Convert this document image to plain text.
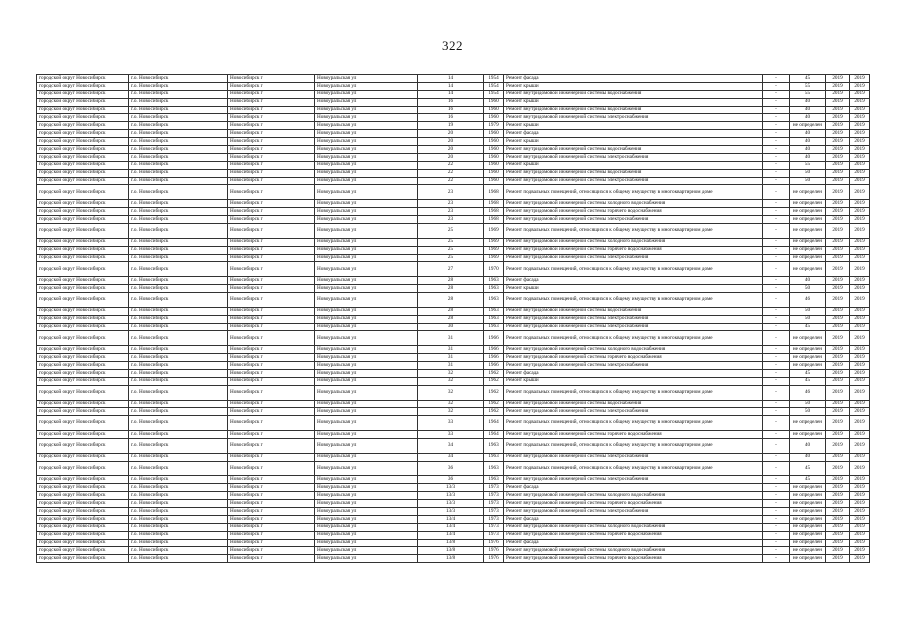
322
городской округ Новосибирск	г.о. Новосибирск	Новосибирск г	Новоуральская ул	14	1954	Ремонт фасада	-	45	2019	2019
городской округ Новосибирск	г.о. Новосибирск	Новосибирск г	Новоуральская ул	14	1954	Ремонт крыши	-	55	2019	2019
городской округ Новосибирск	г.о. Новосибирск	Новосибирск г	Новоуральская ул	14	1954	Ремонт внутридомовой инженерной системы водоснабжения	-	55	2019	2019
городской округ Новосибирск	г.о. Новосибирск	Новосибирск г	Новоуральская ул	16	1960	Ремонт крыши	-	40	2019	2019
городской округ Новосибирск	г.о. Новосибирск	Новосибирск г	Новоуральская ул	16	1960	Ремонт внутридомовой инженерной системы водоснабжения	-	40	2019	2019
городской округ Новосибирск	г.о. Новосибирск	Новосибирск г	Новоуральская ул	16	1960	Ремонт внутридомовой инженерной системы электроснабжения	-	40	2019	2019
городской округ Новосибирск	г.о. Новосибирск	Новосибирск г	Новоуральская ул	19	1979	Ремонт крыши	-	не определен	2019	2019
городской округ Новосибирск	г.о. Новосибирск	Новосибирск г	Новоуральская ул	20	1960	Ремонт фасада	-	40	2019	2019
городской округ Новосибирск	г.о. Новосибирск	Новосибирск г	Новоуральская ул	20	1960	Ремонт крыши	-	40	2019	2019
городской округ Новосибирск	г.о. Новосибирск	Новосибирск г	Новоуральская ул	20	1960	Ремонт внутридомовой инженерной системы водоснабжения	-	40	2019	2019
городской округ Новосибирск	г.о. Новосибирск	Новосибирск г	Новоуральская ул	20	1960	Ремонт внутридомовой инженерной системы электроснабжения	-	40	2019	2019
городской округ Новосибирск	г.о. Новосибирск	Новосибирск г	Новоуральская ул	22	1960	Ремонт крыши	-	55	2019	2019
городской округ Новосибирск	г.о. Новосибирск	Новосибирск г	Новоуральская ул	22	1960	Ремонт внутридомовой инженерной системы водоснабжения	-	50	2019	2019
городской округ Новосибирск	г.о. Новосибирск	Новосибирск г	Новоуральская ул	22	1960	Ремонт внутридомовой инженерной системы электроснабжения	-	50	2019	2019
городской округ Новосибирск	г.о. Новосибирск	Новосибирск г	Новоуральская ул	23	1968	Ремонт подвальных помещений, относящихся к общему имуществу в многоквартирном доме	-	не определен	2019	2019
городской округ Новосибирск	г.о. Новосибирск	Новосибирск г	Новоуральская ул	23	1968	Ремонт внутридомовой инженерной системы холодного водоснабжения	-	не определен	2019	2019
городской округ Новосибирск	г.о. Новосибирск	Новосибирск г	Новоуральская ул	23	1968	Ремонт внутридомовой инженерной системы горячего водоснабжения	-	не определен	2019	2019
городской округ Новосибирск	г.о. Новосибирск	Новосибирск г	Новоуральская ул	23	1968	Ремонт внутридомовой инженерной системы электроснабжения	-	не определен	2019	2019
городской округ Новосибирск	г.о. Новосибирск	Новосибирск г	Новоуральская ул	25	1969	Ремонт подвальных помещений, относящихся к общему имуществу в многоквартирном доме	-	не определен	2019	2019
городской округ Новосибирск	г.о. Новосибирск	Новосибирск г	Новоуральская ул	25	1969	Ремонт внутридомовой инженерной системы холодного водоснабжения	-	не определен	2019	2019
городской округ Новосибирск	г.о. Новосибирск	Новосибирск г	Новоуральская ул	25	1969	Ремонт внутридомовой инженерной системы горячего водоснабжения	-	не определен	2019	2019
городской округ Новосибирск	г.о. Новосибирск	Новосибирск г	Новоуральская ул	25	1969	Ремонт внутридомовой инженерной системы электроснабжения	-	не определен	2019	2019
городской округ Новосибирск	г.о. Новосибирск	Новосибирск г	Новоуральская ул	27	1970	Ремонт подвальных помещений, относящихся к общему имуществу в многоквартирном доме	-	не определен	2019	2019
городской округ Новосибирск	г.о. Новосибирск	Новосибирск г	Новоуральская ул	28	1963	Ремонт фасада	-	40	2019	2019
городской округ Новосибирск	г.о. Новосибирск	Новосибирск г	Новоуральская ул	28	1963	Ремонт крыши	-	50	2019	2019
городской округ Новосибирск	г.о. Новосибирск	Новосибирск г	Новоуральская ул	28	1963	Ремонт подвальных помещений, относящихся к общему имуществу в многоквартирном доме	-	46	2019	2019
городской округ Новосибирск	г.о. Новосибирск	Новосибирск г	Новоуральская ул	28	1963	Ремонт внутридомовой инженерной системы водоснабжения	-	50	2019	2019
городской округ Новосибирск	г.о. Новосибирск	Новосибирск г	Новоуральская ул	28	1963	Ремонт внутридомовой инженерной системы электроснабжения	-	50	2019	2019
городской округ Новосибирск	г.о. Новосибирск	Новосибирск г	Новоуральская ул	30	1963	Ремонт внутридомовой инженерной системы электроснабжения	-	45	2019	2019
городской округ Новосибирск	г.о. Новосибирск	Новосибирск г	Новоуральская ул	31	1966	Ремонт подвальных помещений, относящихся к общему имуществу в многоквартирном доме	-	не определен	2019	2019
городской округ Новосибирск	г.о. Новосибирск	Новосибирск г	Новоуральская ул	31	1966	Ремонт внутридомовой инженерной системы холодного водоснабжения	-	не определен	2019	2019
городской округ Новосибирск	г.о. Новосибирск	Новосибирск г	Новоуральская ул	31	1966	Ремонт внутридомовой инженерной системы горячего водоснабжения	-	не определен	2019	2019
городской округ Новосибирск	г.о. Новосибирск	Новосибирск г	Новоуральская ул	31	1966	Ремонт внутридомовой инженерной системы электроснабжения	-	не определен	2019	2019
городской округ Новосибирск	г.о. Новосибирск	Новосибирск г	Новоуральская ул	32	1962	Ремонт фасада	-	45	2019	2019
городской округ Новосибирск	г.о. Новосибирск	Новосибирск г	Новоуральская ул	32	1962	Ремонт крыши	-	45	2019	2019
городской округ Новосибирск	г.о. Новосибирск	Новосибирск г	Новоуральская ул	32	1962	Ремонт подвальных помещений, относящихся к общему имуществу в многоквартирном доме	-	46	2019	2019
городской округ Новосибирск	г.о. Новосибирск	Новосибирск г	Новоуральская ул	32	1962	Ремонт внутридомовой инженерной системы водоснабжения	-	50	2019	2019
городской округ Новосибирск	г.о. Новосибирск	Новосибирск г	Новоуральская ул	32	1962	Ремонт внутридомовой инженерной системы электроснабжения	-	50	2019	2019
городской округ Новосибирск	г.о. Новосибирск	Новосибирск г	Новоуральская ул	33	1964	Ремонт подвальных помещений, относящихся к общему имуществу в многоквартирном доме	-	не определен	2019	2019
городской округ Новосибирск	г.о. Новосибирск	Новосибирск г	Новоуральская ул	33	1964	Ремонт внутридомовой инженерной системы горячего водоснабжения	-	не определен	2019	2019
городской округ Новосибирск	г.о. Новосибирск	Новосибирск г	Новоуральская ул	34	1963	Ремонт подвальных помещений, относящихся к общему имуществу в многоквартирном доме	-	40	2019	2019
городской округ Новосибирск	г.о. Новосибирск	Новосибирск г	Новоуральская ул	34	1963	Ремонт внутридомовой инженерной системы электроснабжения	-	40	2019	2019
городской округ Новосибирск	г.о. Новосибирск	Новосибирск г	Новоуральская ул	36	1963	Ремонт подвальных помещений, относящихся к общему имуществу в многоквартирном доме	-	45	2019	2019
городской округ Новосибирск	г.о. Новосибирск	Новосибирск г	Новоуральская ул	36	1963	Ремонт внутридомовой инженерной системы электроснабжения	-	45	2019	2019
городской округ Новосибирск	г.о. Новосибирск	Новосибирск г	Новоуральская ул	13/3	1973	Ремонт фасада	-	не определен	2019	2019
городской округ Новосибирск	г.о. Новосибирск	Новосибирск г	Новоуральская ул	13/3	1973	Ремонт внутридомовой инженерной системы холодного водоснабжения	-	не определен	2019	2019
городской округ Новосибирск	г.о. Новосибирск	Новосибирск г	Новоуральская ул	13/3	1973	Ремонт внутридомовой инженерной системы горячего водоснабжения	-	не определен	2019	2019
городской округ Новосибирск	г.о. Новосибирск	Новосибирск г	Новоуральская ул	13/3	1973	Ремонт внутридомовой инженерной системы электроснабжения	-	не определен	2019	2019
городской округ Новосибирск	г.о. Новосибирск	Новосибирск г	Новоуральская ул	13/4	1973	Ремонт фасада	-	не определен	2019	2019
городской округ Новосибирск	г.о. Новосибирск	Новосибирск г	Новоуральская ул	13/4	1973	Ремонт внутридомовой инженерной системы холодного водоснабжения	-	не определен	2019	2019
городской округ Новосибирск	г.о. Новосибирск	Новосибирск г	Новоуральская ул	13/4	1973	Ремонт внутридомовой инженерной системы горячего водоснабжения	-	не определен	2019	2019
городской округ Новосибирск	г.о. Новосибирск	Новосибирск г	Новоуральская ул	13/8	1976	Ремонт фасада	-	не определен	2019	2019
городской округ Новосибирск	г.о. Новосибирск	Новосибирск г	Новоуральская ул	13/8	1976	Ремонт внутридомовой инженерной системы холодного водоснабжения	-	не определен	2019	2019
городской округ Новосибирск	г.о. Новосибирск	Новосибирск г	Новоуральская ул	13/8	1976	Ремонт внутридомовой инженерной системы горячего водоснабжения	-	не определен	2019	2019
